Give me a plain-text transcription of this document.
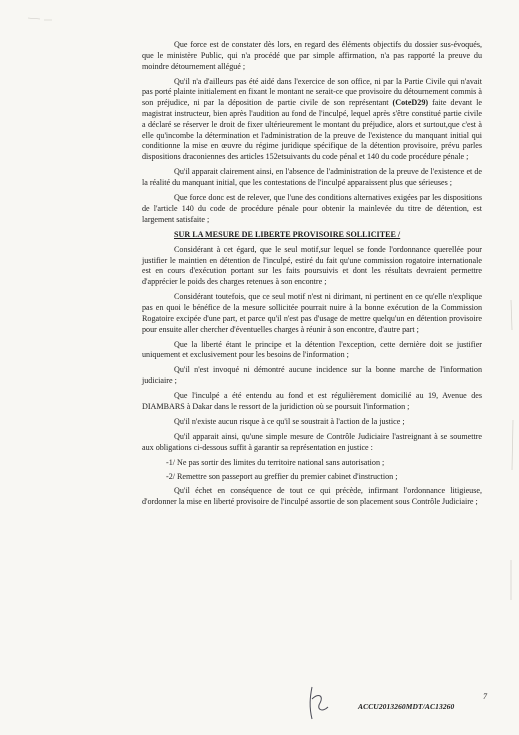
Que force est de constater dès lors, en regard des éléments objectifs du dossier sus-évoqués, que le ministère Public, qui n'a procédé que par simple affirmation, n'a pas rapporté la preuve du moindre détournement allégué ;

Qu'il n'a d'ailleurs pas été aidé dans l'exercice de son office, ni par la Partie Civile qui n'avait pas porté plainte initialement en fixant le montant ne serait-ce que provisoire du détournement commis à son préjudice, ni par la déposition de partie civile de son représentant (CoteD29) faite devant le magistrat instructeur, bien après l'audition au fond de l'inculpé, lequel après s'être constitué partie civile a déclaré se réserver le droit de fixer ultérieurement le montant du préjudice, alors et surtout,que c'est à elle qu'incombe la détermination et l'administration de la preuve de l'existence du manquant initial qui conditionne la mise en œuvre du régime juridique spécifique de la détention provisoire, prévu parles dispositions draconiennes des articles 152etsuivants du code pénal et 140 du code procédure pénale ;

Qu'il apparait clairement ainsi, en l'absence de l'administration de la preuve de l'existence et de la réalité du manquant initial, que les contestations de l'inculpé apparaissent plus que sérieuses ;

Que force donc est de relever, que l'une des conditions alternatives exigées par les dispositions de l'article 140 du code de procédure pénale pour obtenir la mainlevée du titre de détention, est largement satisfaite ;

SUR LA MESURE DE LIBERTE PROVISOIRE SOLLICITEE /

Considérant à cet égard, que le seul motif,sur lequel se fonde l'ordonnance querellée pour justifier le maintien en détention de l'inculpé, estiré du fait qu'une commission rogatoire internationale est en cours d'exécution portant sur les faits poursuivis et dont les résultats devraient permettre d'apprécier le poids des charges retenues à son encontre ;

Considérant toutefois, que ce seul motif n'est ni dirimant, ni pertinent en ce qu'elle n'explique pas en quoi le bénéfice de la mesure sollicitée pourrait nuire à la bonne exécution de la Commission Rogatoire excipée d'une part, et parce qu'il n'est pas d'usage de mettre quelqu'un en détention provisoire pour ensuite aller chercher d'éventuelles charges à réunir à son encontre, d'autre part ;

Que la liberté étant le principe et la détention l'exception, cette dernière doit se justifier uniquement et exclusivement pour les besoins de l'information ;

Qu'il n'est invoqué ni démontré aucune incidence sur la bonne marche de l'information judiciaire ;

Que l'inculpé a été entendu au fond et est régulièrement domicilié au 19, Avenue des DIAMBARS à Dakar dans le ressort de la juridiction où se poursuit l'information ;

Qu'il n'existe aucun risque à ce qu'il se soustrait à l'action de la justice ;

Qu'il apparait ainsi, qu'une simple mesure de Contrôle Judiciaire l'astreignant à se soumettre aux obligations ci-dessous suffit à garantir sa représentation en justice :

-1/ Ne pas sortir des limites du territoire national sans autorisation ;

-2/ Remettre son passeport au greffier du premier cabinet d'instruction ;

Qu'il échet en conséquence de tout ce qui précède, infirmant l'ordonnance litigieuse, d'ordonner la mise en liberté provisoire de l'inculpé assortie de son placement sous Contrôle Judiciaire ;

7
ACCU2013260MDT/AC13260
